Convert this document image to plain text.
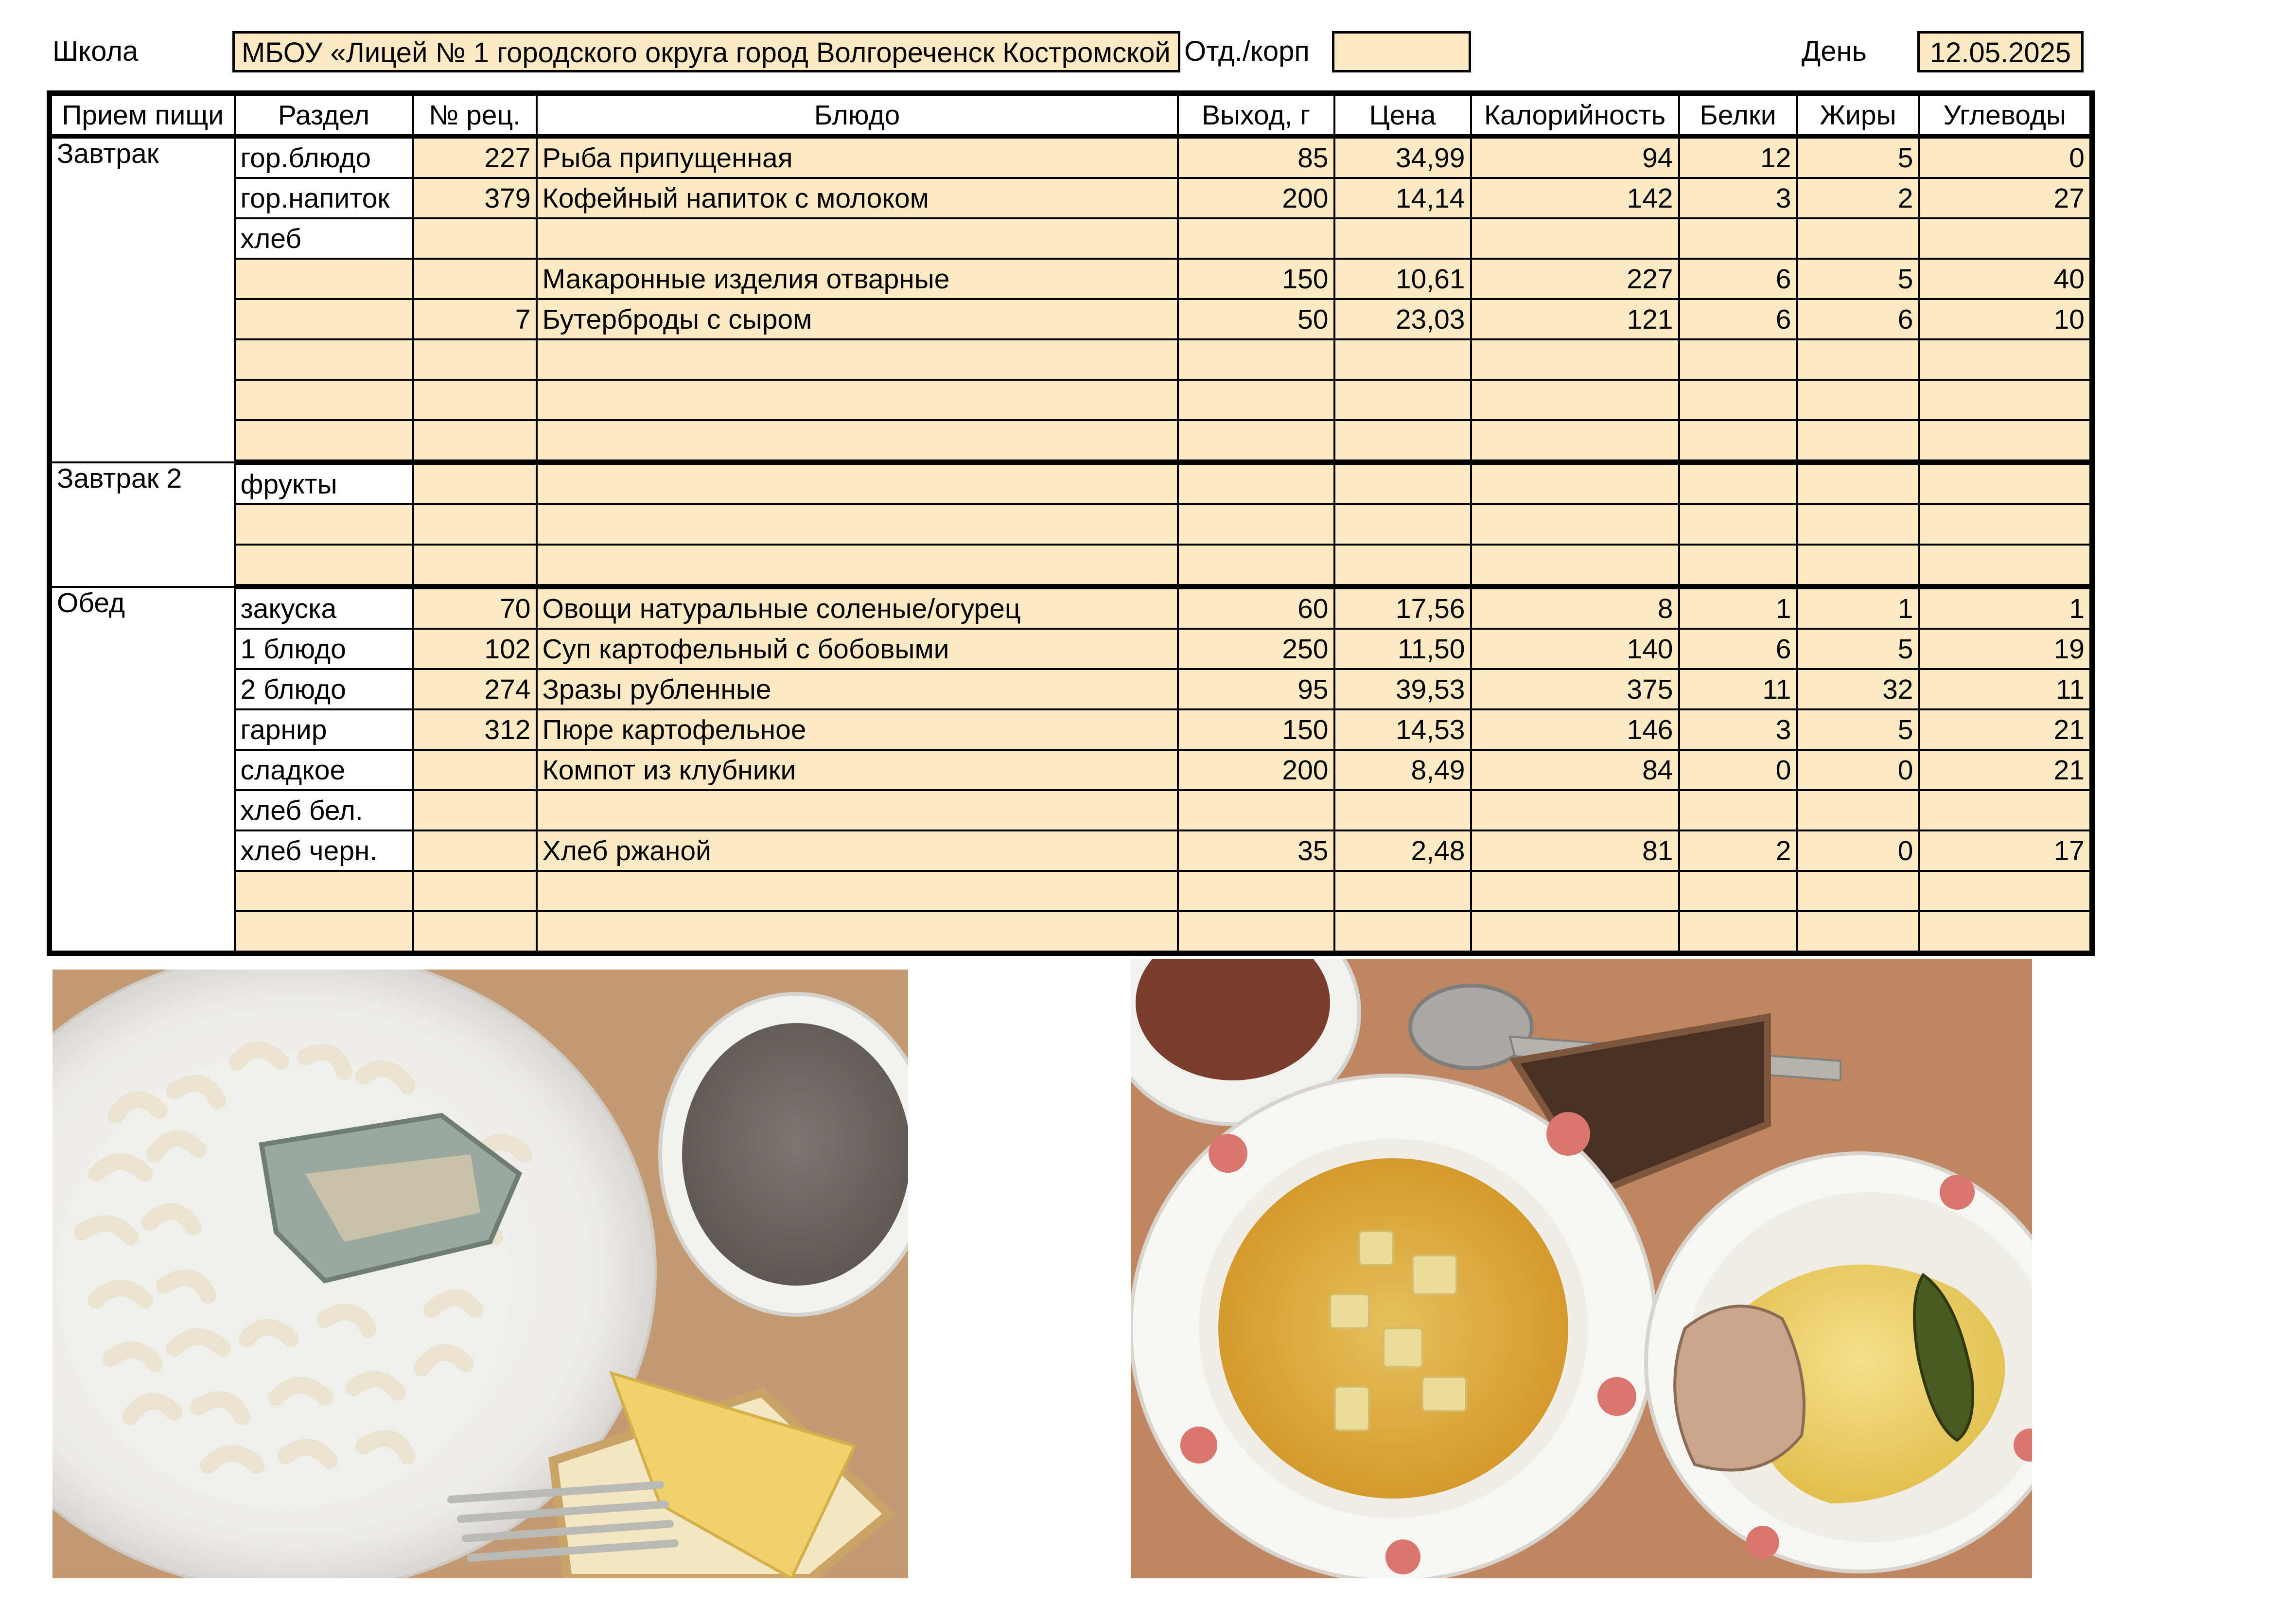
Школа	МБОУ «Лицей № 1 городского округа город Волгореченск Костромской Отд./корп	День	12.05.2025
Прием пищи	Раздел	№ рец.	Блюдо	Выход, г	Цена	Калорийность	Белки	Жиры	Углеводы
Завтрак	гор.блюдо	227	Рыба припущенная	85	34,99	94	12	5	0
	гор.напиток	379	Кофейный напиток с молоком	200	14,14	142	3	2	27
	хлеб								
			Макаронные изделия отварные	150	10,61	227	6	5	40
		7	Бутерброды с сыром	50	23,03	121	6	6	10

Завтрак 2	фрукты								

Обед	закуска	70	Овощи натуральные соленые/огурец	60	17,56	8	1	1	1
	1 блюдо	102	Суп картофельный с бобовыми	250	11,50	140	6	5	19
	2 блюдо	274	Зразы рубленные	95	39,53	375	11	32	11
	гарнир	312	Пюре картофельное	150	14,53	146	3	5	21
	сладкое		Компот из клубники	200	8,49	84	0	0	21
	хлеб бел.								
	хлеб черн.		Хлеб ржаной	35	2,48	81	2	0	17
